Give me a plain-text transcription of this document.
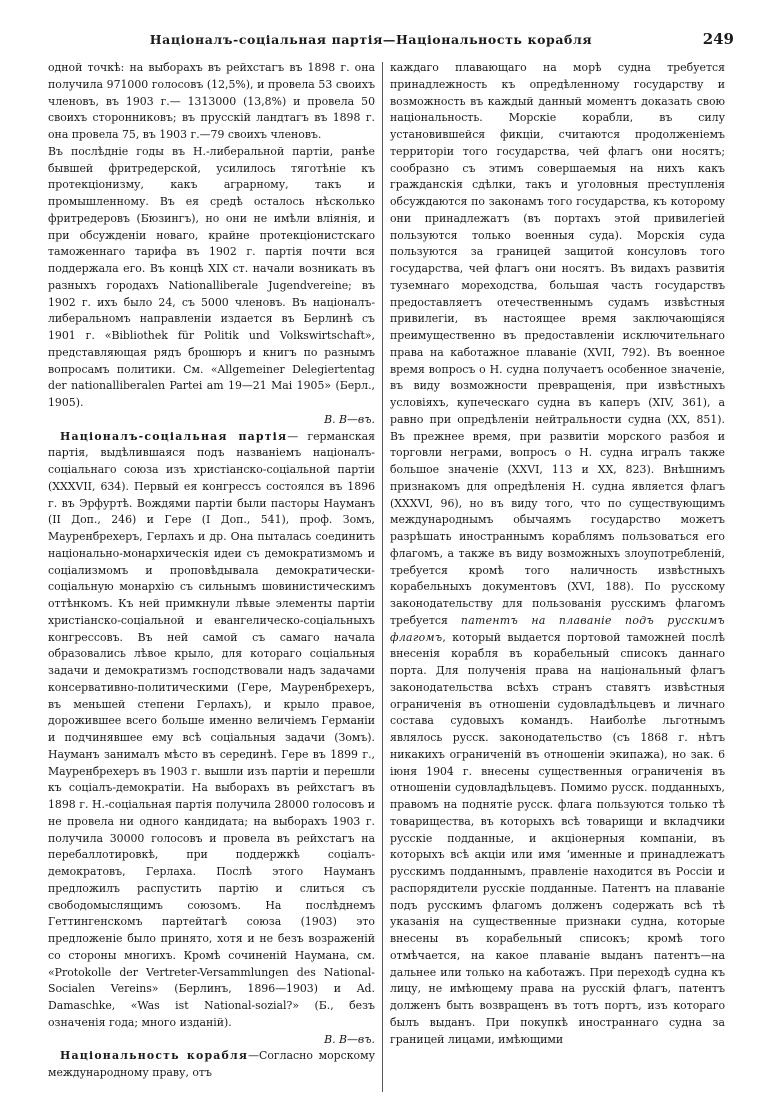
Націоналъ-соціальная партія—Національность корабля	249

одной точкѣ: на выборахъ въ рейхстагъ въ 1898 г. она получила 971000 голосовъ (12,5%), и провела 53 своихъ членовъ, въ 1903 г.— 1313000 (13,8%) и провела 50 своихъ сторонниковъ; въ прусскій ландтагъ въ 1898 г. она провела 75, въ 1903 г.—79 своихъ членовъ.

Въ послѣдніе годы въ Н.-либеральной партіи, ранѣе бывшей фритредерской, усилилось тяготѣніе къ протекціонизму, какъ аграрному, такъ и промышленному. Въ ея средѣ осталось нѣсколько фритредеровъ (Бюзингъ), но они не имѣли вліянія, и при обсужденіи новаго, крайне протекціонистскаго таможеннаго тарифа въ 1902 г. партія почти вся поддержала его. Въ концѣ XIX ст. начали возникать въ разныхъ городахъ Nationalliberale Jugendvereine; въ 1902 г. ихъ было 24, съ 5000 членовъ. Въ націоналъ-либеральномъ направленіи издается въ Берлинѣ съ 1901 г. «Bibliothek für Politik und Volkswirtschaft», представляющая рядъ брошюръ и книгъ по разнымъ вопросамъ политики. См. «Allgemeiner Delegiertentag der nationalliberalen Partei am 19—21 Mai 1905» (Берл., 1905).

В. В—въ.

Націоналъ-соціальная партія— германская партія, выдѣлившаяся подъ названіемъ націоналъ-соціальнаго союза изъ христіанско-соціальной партіи (XXXVII, 634). Первый ея конгрессъ состоялся въ 1896 г. въ Эрфуртѣ. Вождями партіи были пасторы Науманъ (II Доп., 246) и Гере (I Доп., 541), проф. Зомъ, Мауренбрехеръ, Герлахъ и др. Она пыталась соединить національно-монархическія идеи съ демократизмомъ и соціализмомъ и проповѣдывала демократически-соціальную монархію съ сильнымъ шовинистическимъ оттѣнкомъ. Къ ней примкнули лѣвые элементы партіи христіанско-соціальной и евангелическо-соціальныхъ конгрессовъ. Въ ней самой съ самаго начала образовались лѣвое крыло, для котораго соціальныя задачи и демократизмъ господствовали надъ задачами консервативно-политическими (Гере, Мауренбрехеръ, въ меньшей степени Герлахъ), и крыло правое, дорожившее всего больше именно величіемъ Германіи и подчинявшее ему всѣ соціальныя задачи (Зомъ). Науманъ занималъ мѣсто въ серединѣ. Гере въ 1899 г., Мауренбрехеръ въ 1903 г. вышли изъ партіи и перешли къ соціалъ-демократіи. На выборахъ въ рейхстагъ въ 1898 г. Н.-соціальная партія получила 28000 голосовъ и не провела ни одного кандидата; на выборахъ 1903 г. получила 30000 голосовъ и провела въ рейхстагъ на перебаллотировкѣ, при поддержкѣ соціалъ-демократовъ, Герлаха. Послѣ этого Науманъ предложилъ распустить партію и слиться съ свободомыслящимъ союзомъ. На послѣднемъ Геттингенскомъ партейтагѣ союза (1903) это предложеніе было принято, хотя и не безъ возраженій со стороны многихъ. Кромѣ сочиненій Наумана, см. «Protokolle der Vertreter-Versammlungen des National-Socialen Vereins» (Берлинъ, 1896—1903) и Ad. Damaschke, «Was ist National-sozial?» (Б., безъ означенія года; много изданій).

В. В—въ.

Національность корабля—Согласно морскому международному праву, отъ

каждаго плавающаго на морѣ судна требуется принадлежность къ опредѣленному государству и возможность въ каждый данный моментъ доказать свою національность. Морскіе корабли, въ силу установившейся фикціи, считаются продолженіемъ территоріи того государства, чей флагъ они носятъ; сообразно съ этимъ совершаемыя на нихъ какъ гражданскія сдѣлки, такъ и уголовныя преступленія обсуждаются по законамъ того государства, къ которому они принадлежатъ (въ портахъ этой привилегіей пользуются только военныя суда). Морскія суда пользуются за границей защитой консуловъ того государства, чей флагъ они носятъ. Въ видахъ развитія туземнаго мореходства, большая часть государствъ предоставляетъ отечественнымъ судамъ извѣстныя привилегіи, въ настоящее время заключающіяся преимущественно въ предоставленіи исключительнаго права на каботажное плаваніе (XVII, 792). Въ военное время вопросъ о Н. судна получаетъ особенное значеніе, въ виду возможности превращенія, при извѣстныхъ условіяхъ, купеческаго судна въ каперъ (XIV, 361), а равно при опредѣленіи нейтральности судна (XX, 851). Въ прежнее время, при развитіи морского разбоя и торговли неграми, вопросъ о Н. судна игралъ также большое значеніе (XXVI, 113 и XX, 823). Внѣшнимъ признакомъ для опредѣленія Н. судна является флагъ (XXXVI, 96), но въ виду того, что по существующимъ международнымъ обычаямъ государство можетъ разрѣшать иностраннымъ кораблямъ пользоваться его флагомъ, а также въ виду возможныхъ злоупотребленій, требуется кромѣ того наличность извѣстныхъ корабельныхъ документовъ (XVI, 188). По русскому законодательству для пользованія русскимъ флагомъ требуется патентъ на плаваніе подъ русскимъ флагомъ, который выдается портовой таможней послѣ внесенія корабля въ корабельный списокъ даннаго порта. Для полученія права на національный флагъ законодательства всѣхъ странъ ставятъ извѣстныя ограниченія въ отношеніи судовладѣльцевъ и личнаго состава судовыхъ командъ. Наиболѣе льготнымъ являлось русск. законодательство (съ 1868 г. нѣтъ никакихъ ограниченій въ отношеніи экипажа), но зак. 6 іюня 1904 г. внесены существенныя ограниченія въ отношеніи судовладѣльцевъ. Помимо русск. подданныхъ, правомъ на поднятіе русск. флага пользуются только тѣ товарищества, въ которыхъ всѣ товарищи и вкладчики русскіе подданные, и акціонерныя компаніи, въ которыхъ всѣ акціи или имя ‘именные и принадлежатъ русскимъ подданнымъ, правленіе находится въ Россіи и распорядители русскіе подданные. Патентъ на плаваніе подъ русскимъ флагомъ долженъ содержать всѣ тѣ указанія на существенные признаки судна, которые внесены въ корабельный списокъ; кромѣ того отмѣчается, на какое плаваніе выданъ патентъ—на дальнее или только на каботажъ. При переходѣ судна къ лицу, не имѣющему права на русскій флагъ, патентъ долженъ быть возвращенъ въ тотъ портъ, изъ котораго былъ выданъ. При покупкѣ иностраннаго судна за границей лицами, имѣющими
